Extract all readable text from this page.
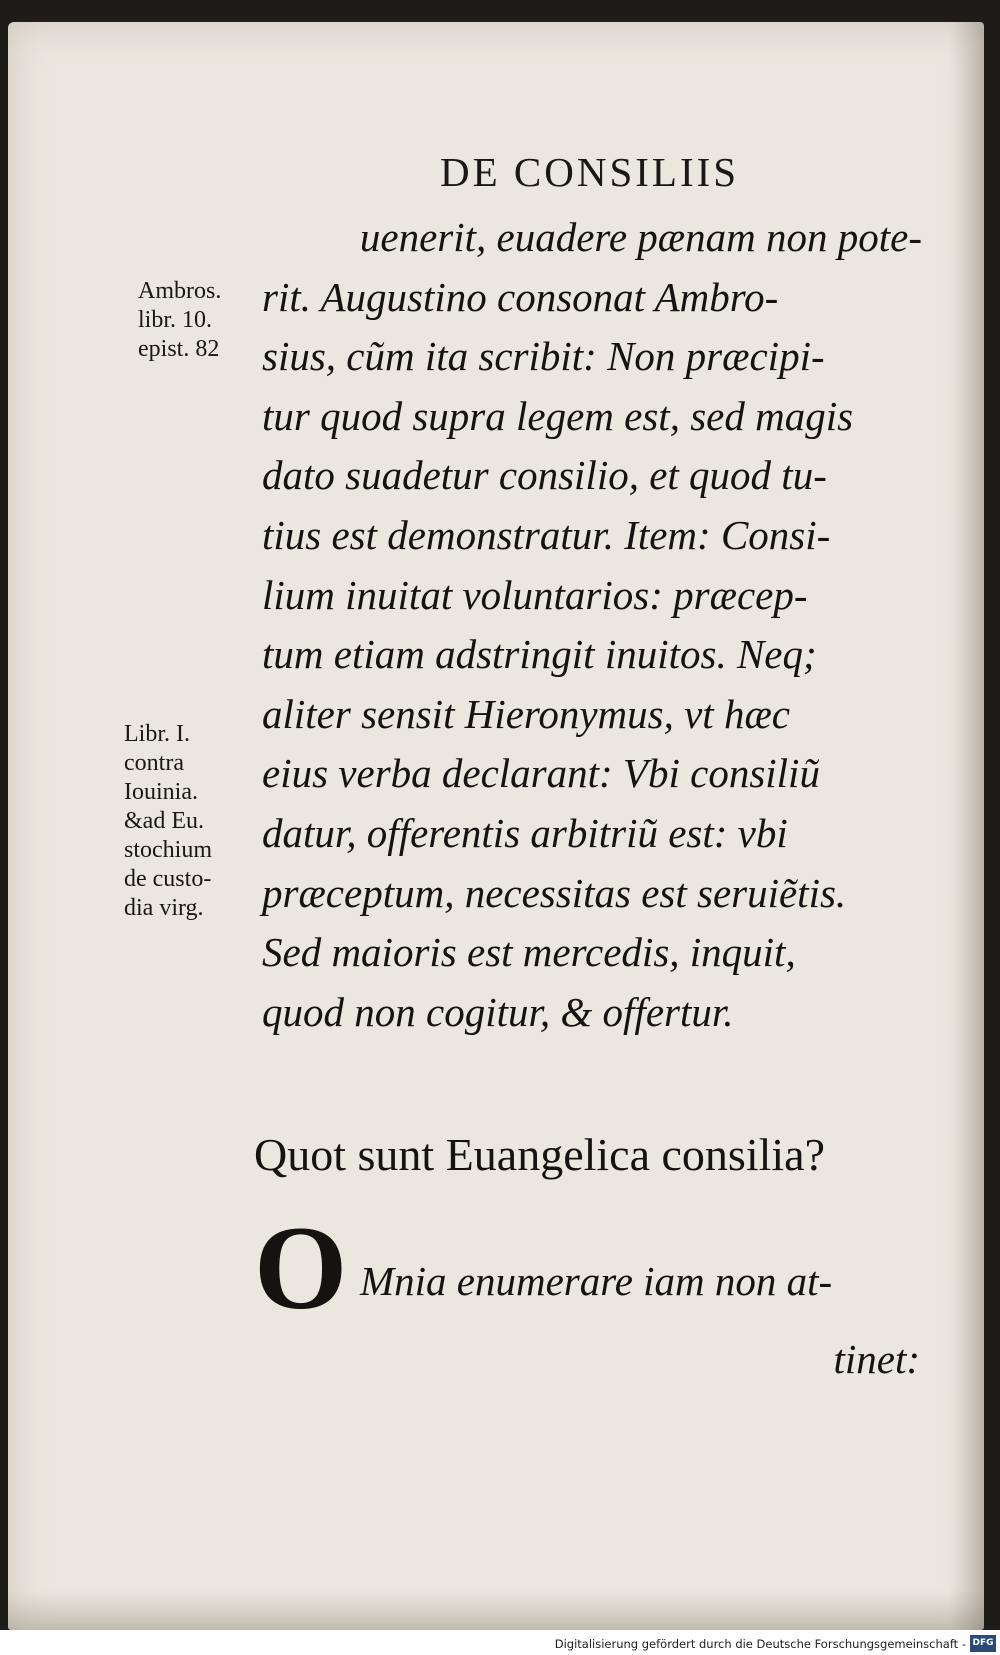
DE CONSILIIS
Ambros.
libr. 10.
epist. 82
Libr. I.
contra
Iouinia.
&ad Eu.
stochium
de custo-
dia virg.
uenerit, euadere pænam non pote-
rit. Augustino consonat Ambro-
sius, cũm ita scribit: Non præcipi-
tur quod supra legem est, sed magis
dato suadetur consilio, et quod tu-
tius est demonstratur. Item: Consi-
lium inuitat voluntarios: præcep-
tum etiam adstringit inuitos. Neq;
aliter sensit Hieronymus, vt hæc
eius verba declarant: Vbi consiliũ
datur, offerentis arbitriũ est: vbi
præceptum, necessitas est seruiẽtis.
Sed maioris est mercedis, inquit,
quod non cogitur, & offertur.
Quot sunt Euangelica consilia?
O Mnia enumerare iam non at-
tinet:
Digitalisierung gefördert durch die Deutsche Forschungsgemeinschaft - DFG
